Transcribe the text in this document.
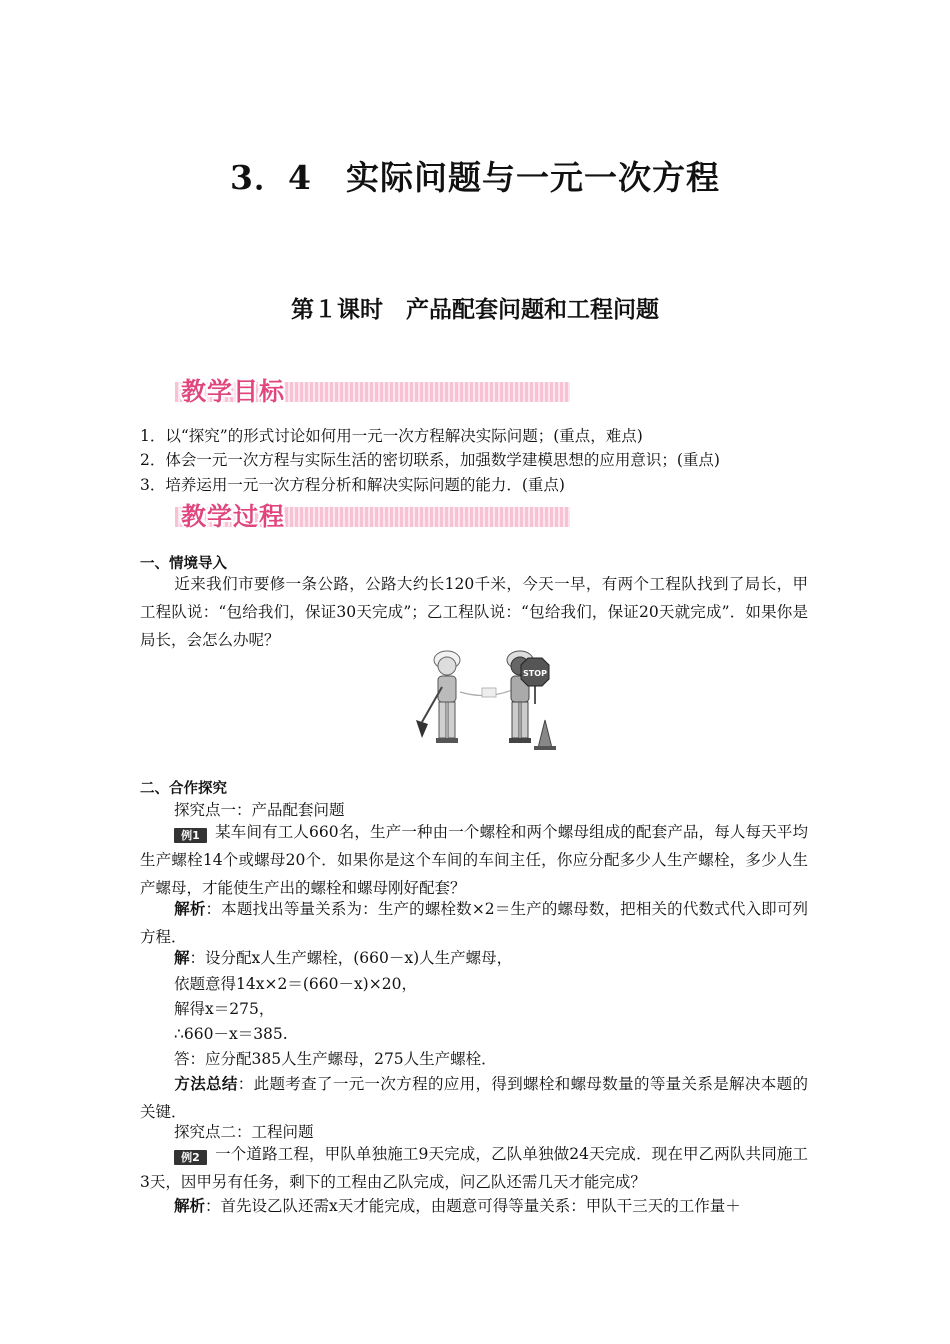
3．4　实际问题与一元一次方程
第１课时　产品配套问题和工程问题
教学目标
1．以“探究”的形式讨论如何用一元一次方程解决实际问题；(重点，难点)
2．体会一元一次方程与实际生活的密切联系，加强数学建模思想的应用意识；(重点)
3．培养运用一元一次方程分析和解决实际问题的能力．(重点)
教学过程
一、情境导入
近来我们市要修一条公路，公路大约长120千米，今天一早，有两个工程队找到了局长，甲工程队说：“包给我们，保证30天完成”；乙工程队说：“包给我们，保证20天就完成”．如果你是局长，会怎么办呢？
STOP
二、合作探究
探究点一：产品配套问题
例1 某车间有工人660名，生产一种由一个螺栓和两个螺母组成的配套产品，每人每天平均生产螺栓14个或螺母20个．如果你是这个车间的车间主任，你应分配多少人生产螺栓，多少人生产螺母，才能使生产出的螺栓和螺母刚好配套？
解析：本题找出等量关系为：生产的螺栓数×2＝生产的螺母数，把相关的代数式代入即可列方程．
解：设分配x人生产螺栓，(660－x)人生产螺母，
依题意得14x×2＝(660－x)×20，
解得x＝275，
∴660－x＝385.
答：应分配385人生产螺母，275人生产螺栓．
方法总结：此题考查了一元一次方程的应用，得到螺栓和螺母数量的等量关系是解决本题的关键．
探究点二：工程问题
例2 一个道路工程，甲队单独施工9天完成，乙队单独做24天完成．现在甲乙两队共同施工3天，因甲另有任务，剩下的工程由乙队完成，问乙队还需几天才能完成？
解析：首先设乙队还需x天才能完成，由题意可得等量关系：甲队干三天的工作量＋
